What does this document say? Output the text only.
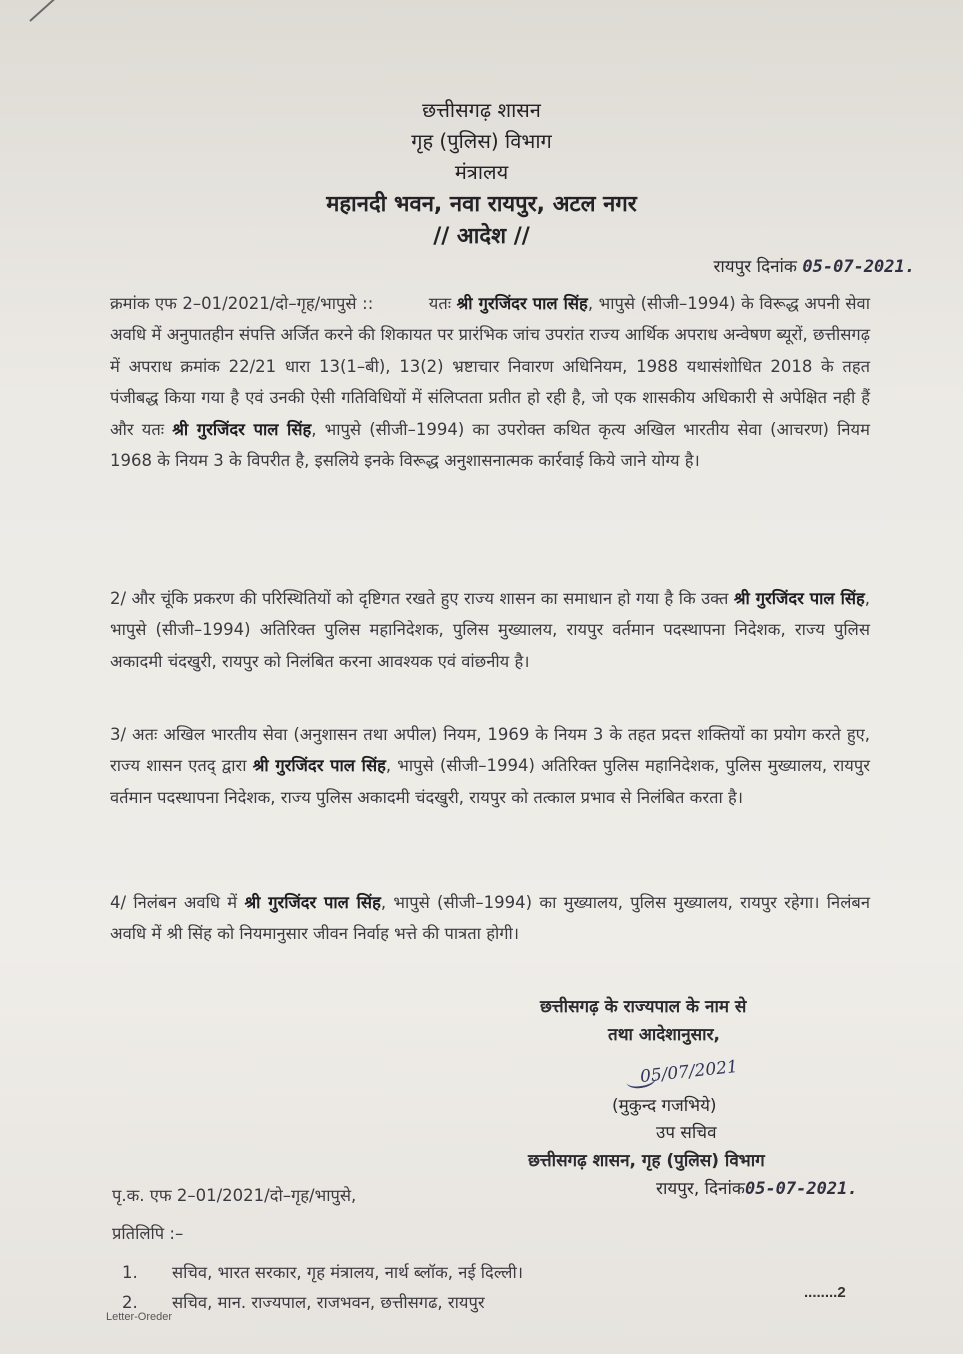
छत्तीसगढ़ शासन
गृह (पुलिस) विभाग
मंत्रालय
महानदी भवन, नवा रायपुर, अटल नगर
// आदेश //
रायपुर दिनांक 05-07-2021.
क्रमांक एफ 2–01/2021/दो–गृह/भापुसे ::	यतः श्री गुरजिंदर पाल सिंह, भापुसे (सीजी–1994) के विरूद्ध अपनी सेवा अवधि में अनुपातहीन संपत्ति अर्जित करने की शिकायत पर प्रारंभिक जांच उपरांत राज्य आर्थिक अपराध अन्वेषण ब्यूरों, छत्तीसगढ़ में अपराध क्रमांक 22/21 धारा 13(1–बी), 13(2) भ्रष्टाचार निवारण अधिनियम, 1988 यथासंशोधित 2018 के तहत पंजीबद्ध किया गया है एवं उनकी ऐसी गतिविधियों में संलिप्तता प्रतीत हो रही है, जो एक शासकीय अधिकारी से अपेक्षित नही हैं और यतः श्री गुरजिंदर पाल सिंह, भापुसे (सीजी–1994) का उपरोक्त कथित कृत्य अखिल भारतीय सेवा (आचरण) नियम 1968 के नियम 3 के विपरीत है, इसलिये इनके विरूद्ध अनुशासनात्मक कार्रवाई किये जाने योग्य है।
2/ और चूंकि प्रकरण की परिस्थितियों को दृष्टिगत रखते हुए राज्य शासन का समाधान हो गया है कि उक्त श्री गुरजिंदर पाल सिंह, भापुसे (सीजी–1994) अतिरिक्त पुलिस महानिदेशक, पुलिस मुख्यालय, रायपुर वर्तमान पदस्थापना निदेशक, राज्य पुलिस अकादमी चंदखुरी, रायपुर को निलंबित करना आवश्यक एवं वांछनीय है।
3/ अतः अखिल भारतीय सेवा (अनुशासन तथा अपील) नियम, 1969 के नियम 3 के तहत प्रदत्त शक्तियों का प्रयोग करते हुए, राज्य शासन एतद् द्वारा श्री गुरजिंदर पाल सिंह, भापुसे (सीजी–1994) अतिरिक्त पुलिस महानिदेशक, पुलिस मुख्यालय, रायपुर वर्तमान पदस्थापना निदेशक, राज्य पुलिस अकादमी चंदखुरी, रायपुर को तत्काल प्रभाव से निलंबित करता है।
4/ निलंबन अवधि में श्री गुरजिंदर पाल सिंह, भापुसे (सीजी–1994) का मुख्यालय, पुलिस मुख्यालय, रायपुर रहेगा। निलंबन अवधि में श्री सिंह को नियमानुसार जीवन निर्वाह भत्ते की पात्रता होगी।
छत्तीसगढ़ के राज्यपाल के नाम से
तथा आदेशानुसार,
05/07/2021
(मुकुन्द गजभिये)
उप सचिव
छत्तीसगढ़ शासन, गृह (पुलिस) विभाग
रायपुर, दिनांक05-07-2021.
पृ.क. एफ 2–01/2021/दो–गृह/भापुसे,
प्रतिलिपि :–
1. सचिव, भारत सरकार, गृह मंत्रालय, नार्थ ब्लॉक, नई दिल्ली।
2. सचिव, मान. राज्यपाल, राजभवन, छत्तीसगढ, रायपुर
Letter-Oreder
........2
